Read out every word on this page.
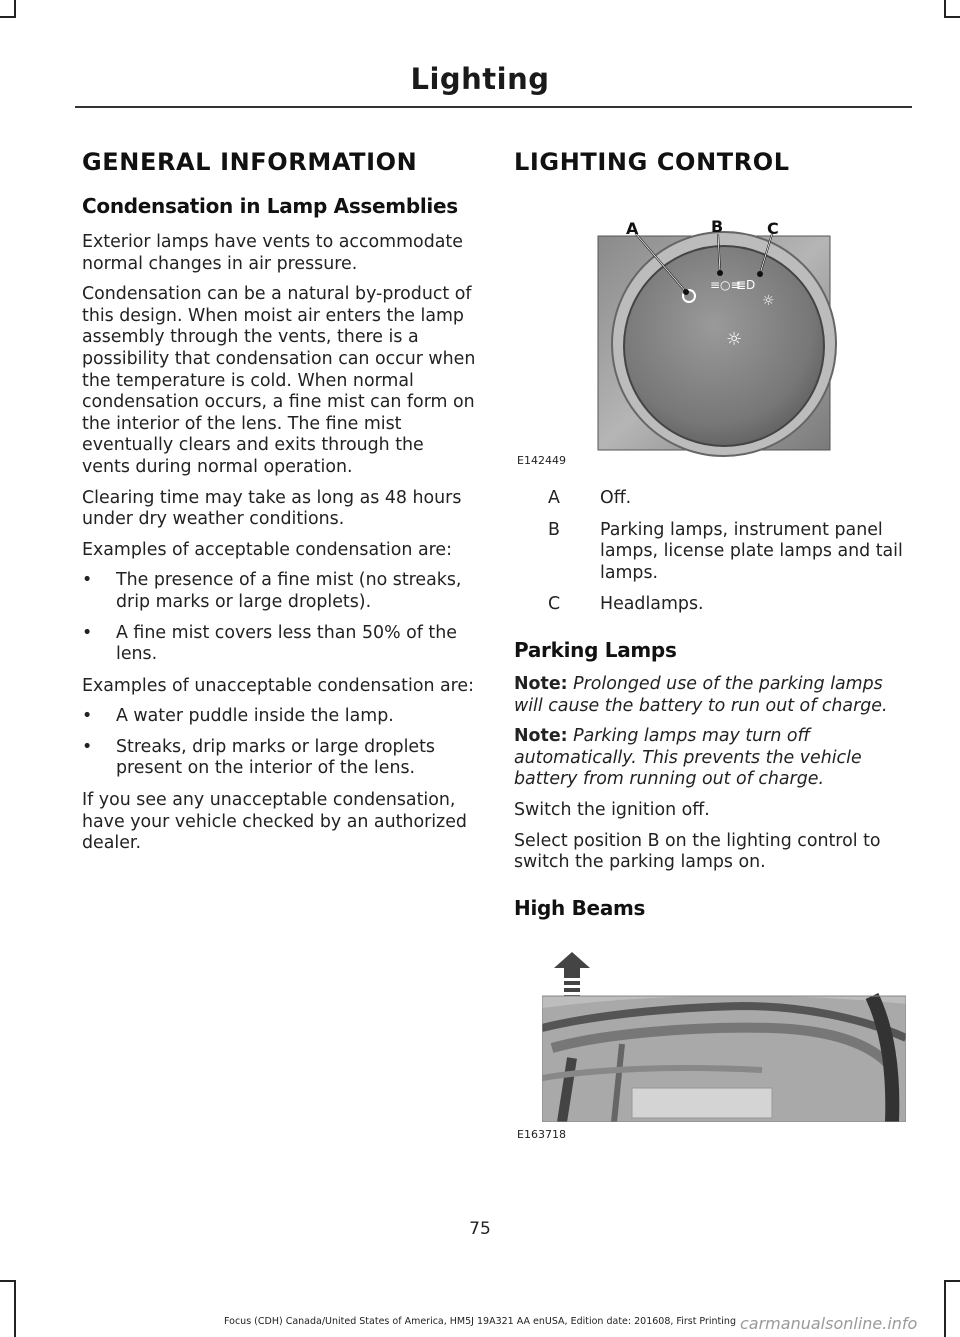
Lighting
GENERAL INFORMATION
Condensation in Lamp Assemblies

Exterior lamps have vents to accommodate normal changes in air pressure.

Condensation can be a natural by-product of this design. When moist air enters the lamp assembly through the vents, there is a possibility that condensation can occur when the temperature is cold. When normal condensation occurs, a fine mist can form on the interior of the lens. The fine mist eventually clears and exits through the vents during normal operation.

Clearing time may take as long as 48 hours under dry weather conditions.

Examples of acceptable condensation are:

• The presence of a fine mist (no streaks, drip marks or large droplets).
• A fine mist covers less than 50% of the lens.

Examples of unacceptable condensation are:

• A water puddle inside the lamp.
• Streaks, drip marks or large droplets present on the interior of the lens.

If you see any unacceptable condensation, have your vehicle checked by an authorized dealer.

LIGHTING CONTROL
≡○≡
≣D
☼
☼
A	B	C
E142449
A	Off.
B	Parking lamps, instrument panel lamps, license plate lamps and tail lamps.
C	Headlamps.
Parking Lamps

Note: Prolonged use of the parking lamps will cause the battery to run out of charge.

Note: Parking lamps may turn off automatically. This prevents the vehicle battery from running out of charge.

Switch the ignition off.

Select position B on the lighting control to switch the parking lamps on.

High Beams
E163718
75
Focus (CDH) Canada/United States of America, HM5J 19A321 AA enUSA, Edition date: 201608, First Printing carmanualsonline.info
